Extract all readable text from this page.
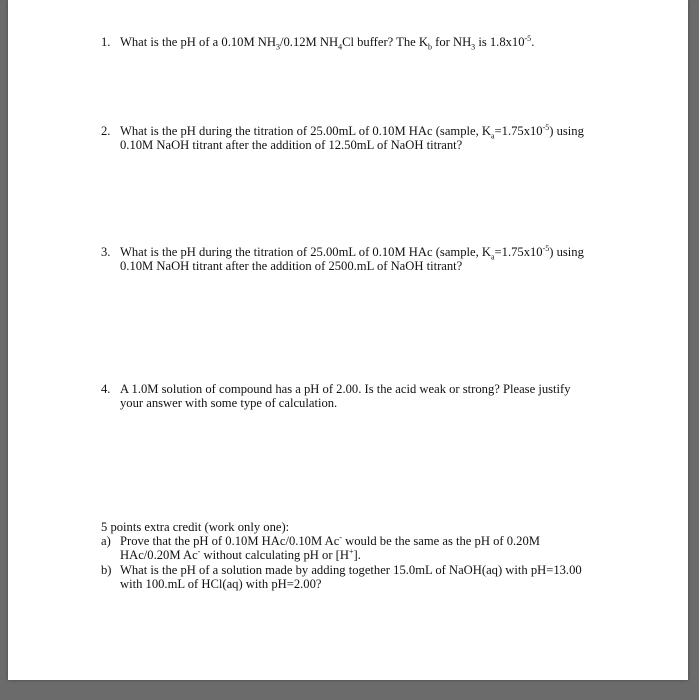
1. What is the pH of a 0.10M $NH_3/0.12M$ $NH_4Cl$ buffer? The $K_b$ for $NH_3$ is $1.8x10^{-5}$.
2. What is the pH during the titration of 25.00mL of 0.10M HAc (sample, $K_a=1.75x10^{-5}$) using
0.10M NaOH titrant after the addition of 12.50mL of NaOH titrant?
3. What is the pH during the titration of 25.00mL of 0.10M HAc (sample, $K_a=1.75x10^{-5}$) using
0.10M NaOH titrant after the addition of 2500.mL of NaOH titrant?
4. A 1.0M solution of compound has a pH of 2.00. Is the acid weak or strong? Please justify
your answer with some type of calculation.
5 points extra credit (work only one):
a) Prove that the pH of 0.10M HAc/0.10M Ac- would be the same as the pH of 0.20M
HAc/0.20M Ac- without calculating pH or [H+].
b) What is the pH of a solution made by adding together 15.0mL of NaOH(aq) with pH=13.00
with 100.mL of HCl(aq) with pH=2.00?
